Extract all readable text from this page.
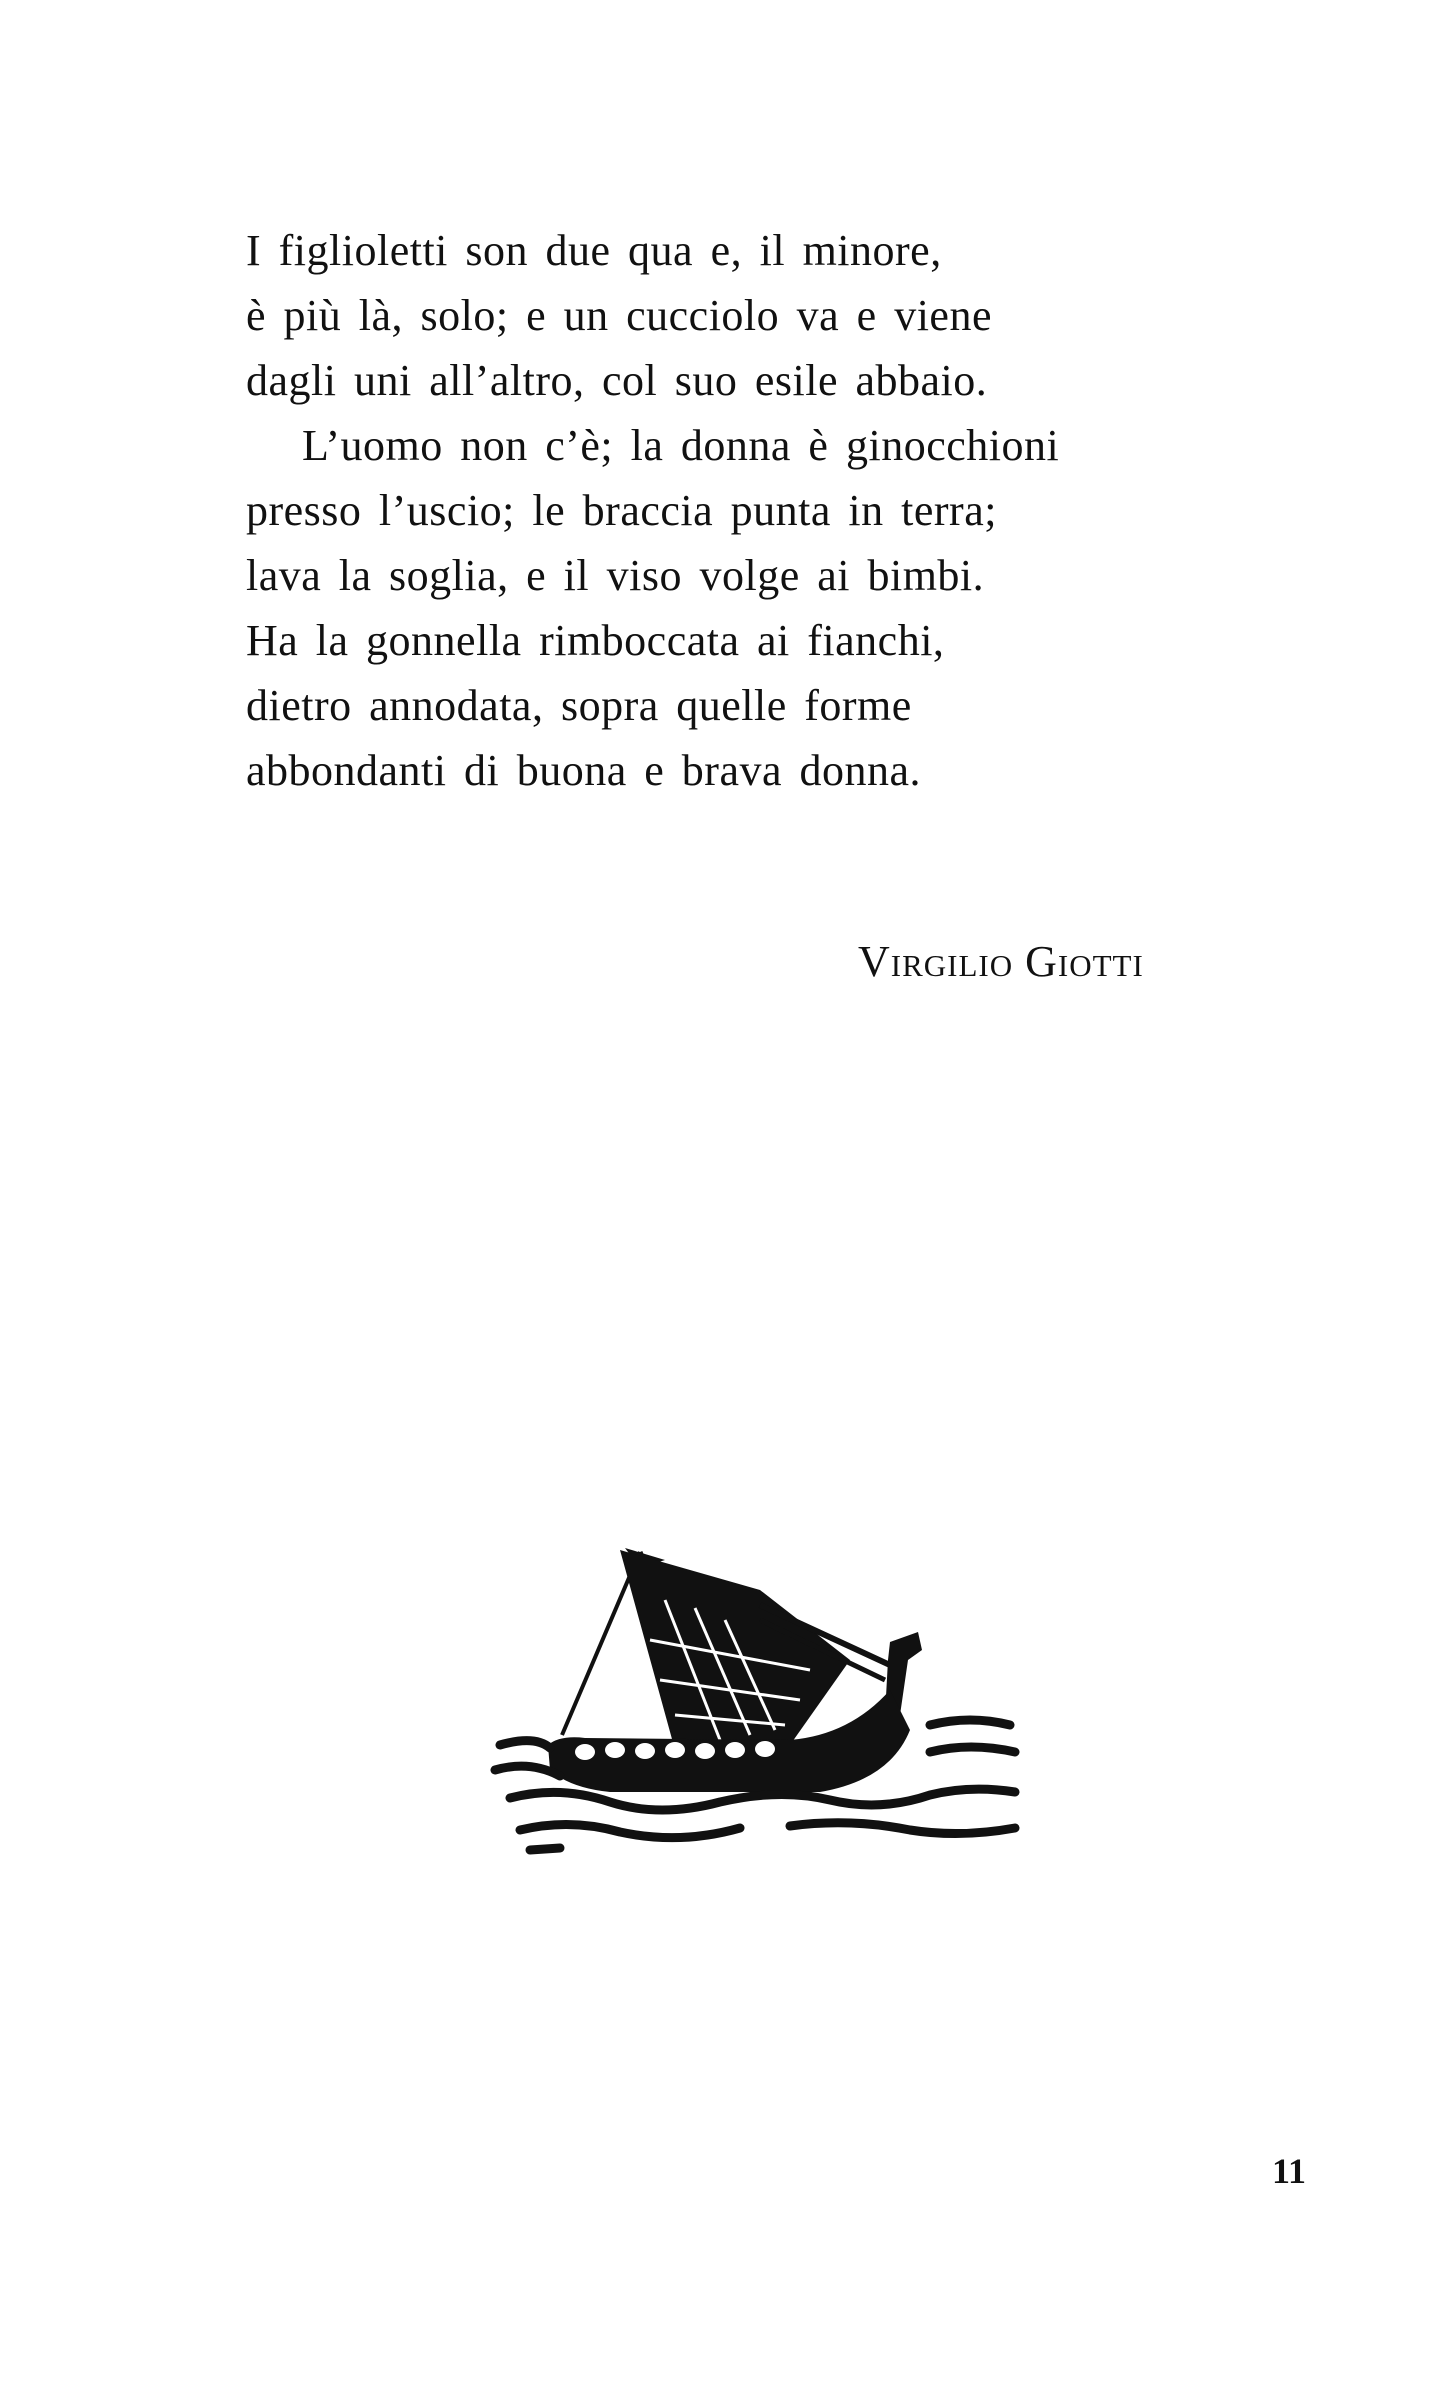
I figlioletti son due qua e, il minore,
è più là, solo; e un cucciolo va e viene
dagli uni all’altro, col suo esile abbaio.
L’uomo non c’è; la donna è ginocchioni
presso l’uscio; le braccia punta in terra;
lava la soglia, e il viso volge ai bimbi.
Ha la gonnella rimboccata ai fianchi,
dietro annodata, sopra quelle forme
abbondanti di buona e brava donna.
Virgilio Giotti
11
